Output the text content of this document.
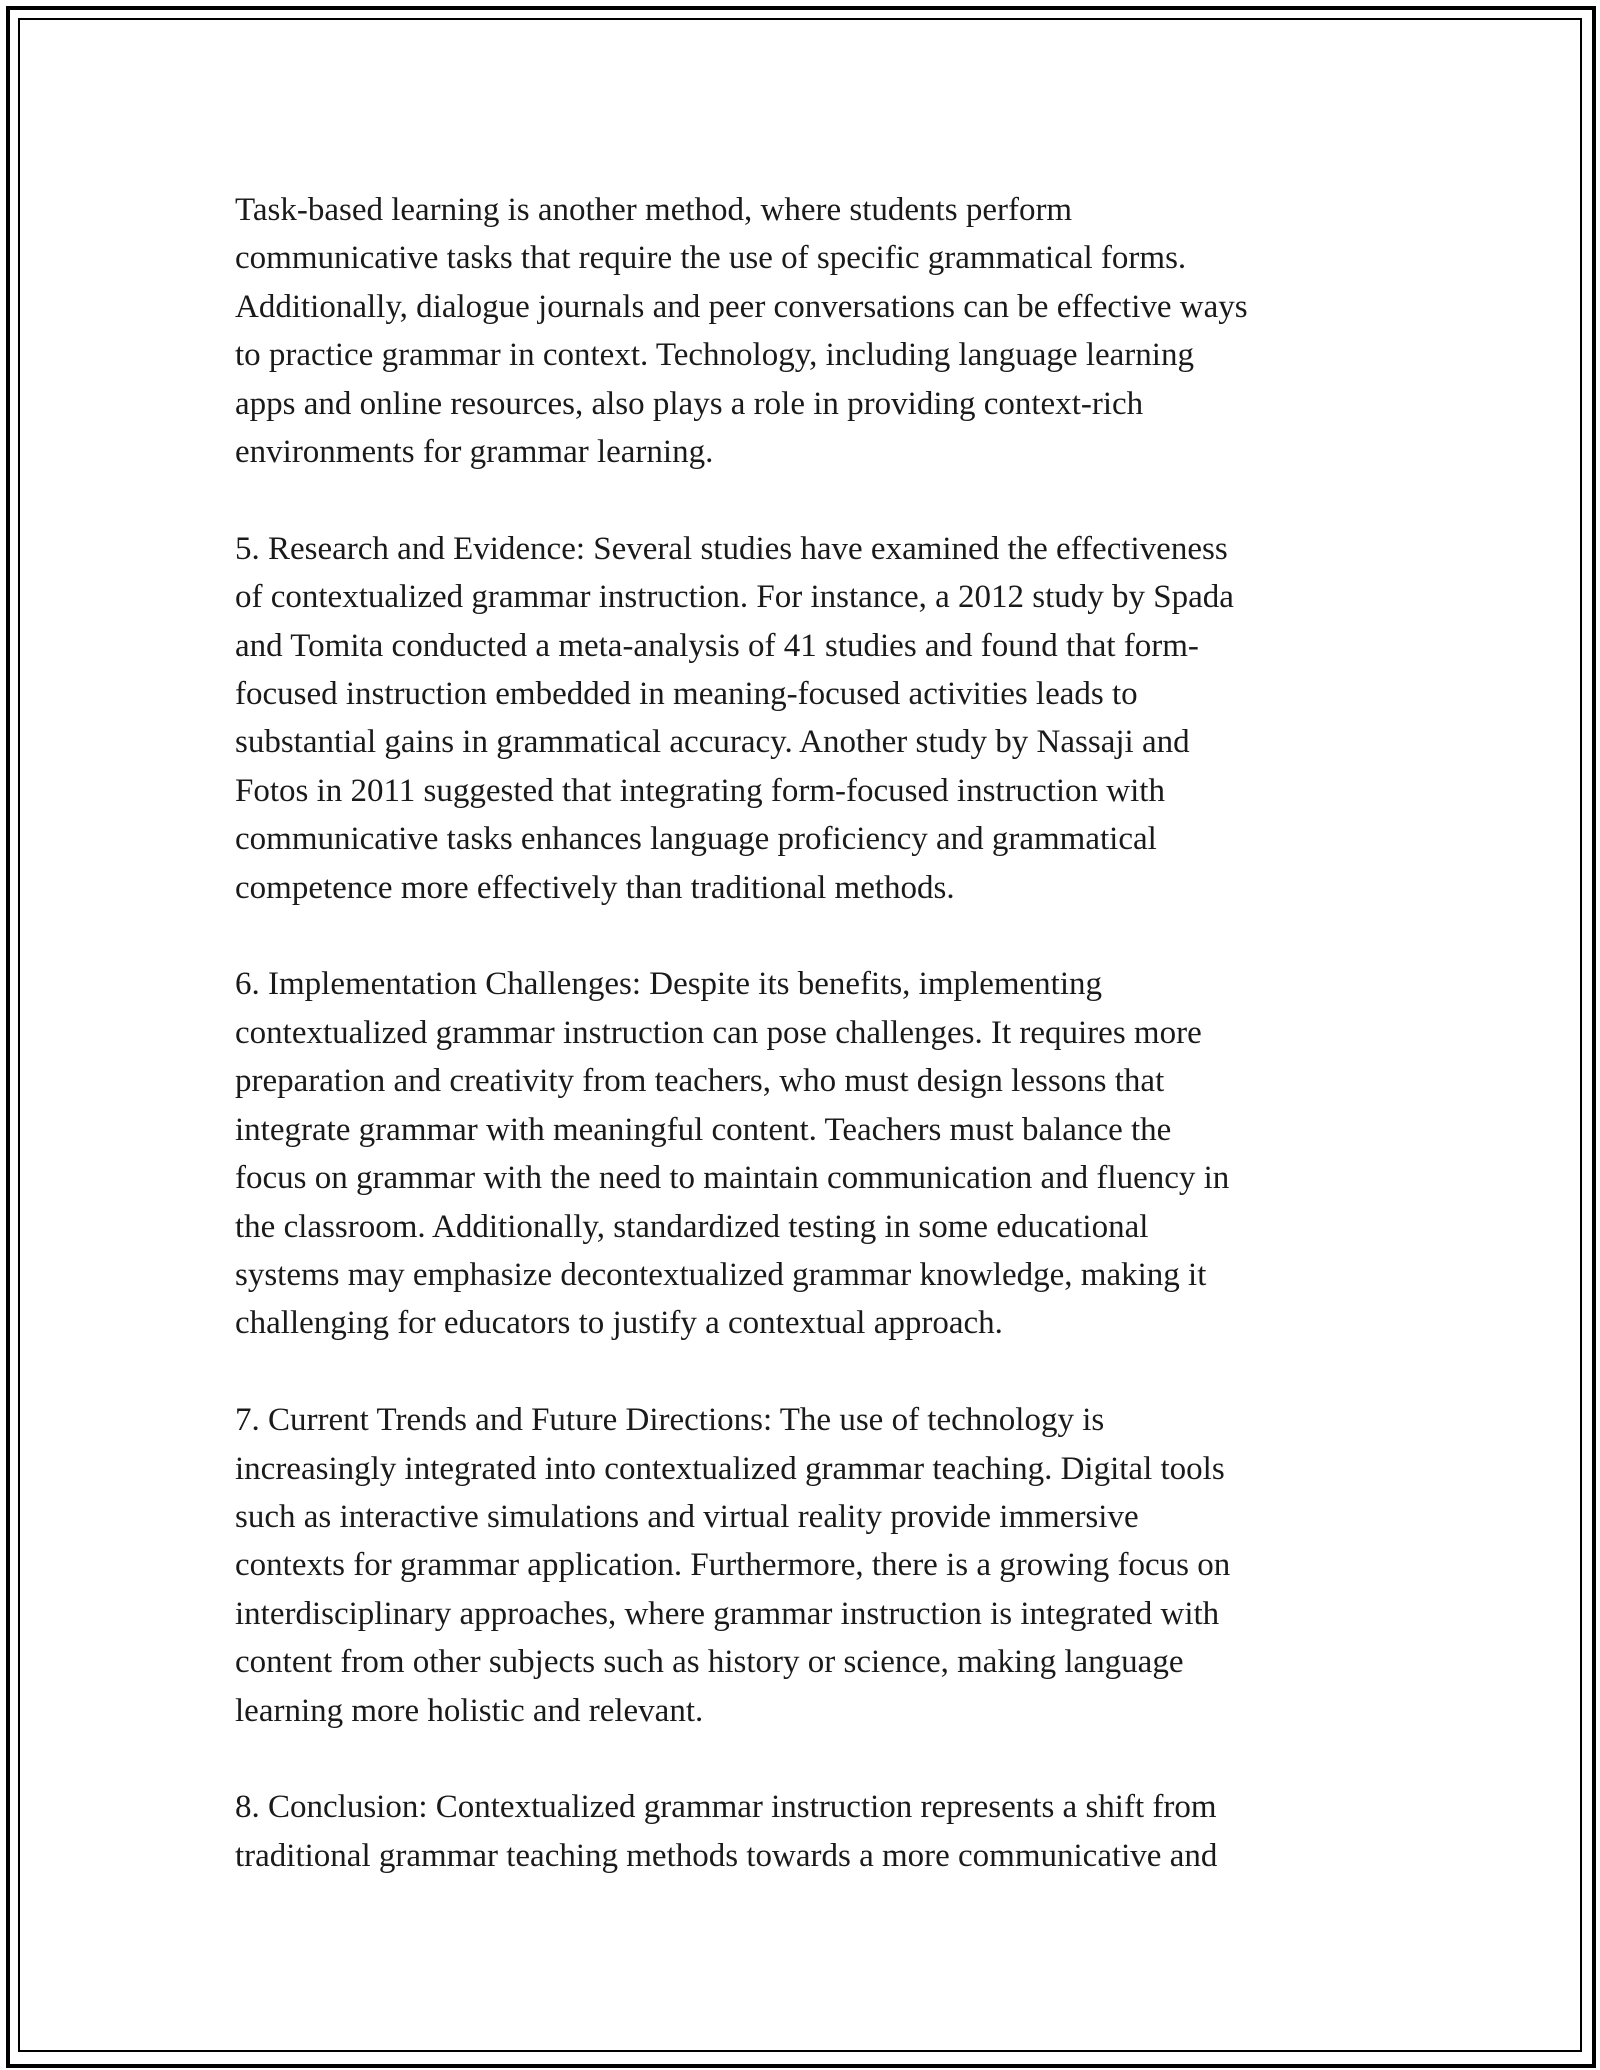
Task-based learning is another method, where students perform
communicative tasks that require the use of specific grammatical forms.
Additionally, dialogue journals and peer conversations can be effective ways
to practice grammar in context. Technology, including language learning
apps and online resources, also plays a role in providing context-rich
environments for grammar learning.

5. Research and Evidence: Several studies have examined the effectiveness
of contextualized grammar instruction. For instance, a 2012 study by Spada
and Tomita conducted a meta-analysis of 41 studies and found that form-
focused instruction embedded in meaning-focused activities leads to
substantial gains in grammatical accuracy. Another study by Nassaji and
Fotos in 2011 suggested that integrating form-focused instruction with
communicative tasks enhances language proficiency and grammatical
competence more effectively than traditional methods.

6. Implementation Challenges: Despite its benefits, implementing
contextualized grammar instruction can pose challenges. It requires more
preparation and creativity from teachers, who must design lessons that
integrate grammar with meaningful content. Teachers must balance the
focus on grammar with the need to maintain communication and fluency in
the classroom. Additionally, standardized testing in some educational
systems may emphasize decontextualized grammar knowledge, making it
challenging for educators to justify a contextual approach.

7. Current Trends and Future Directions: The use of technology is
increasingly integrated into contextualized grammar teaching. Digital tools
such as interactive simulations and virtual reality provide immersive
contexts for grammar application. Furthermore, there is a growing focus on
interdisciplinary approaches, where grammar instruction is integrated with
content from other subjects such as history or science, making language
learning more holistic and relevant.

8. Conclusion: Contextualized grammar instruction represents a shift from
traditional grammar teaching methods towards a more communicative and
